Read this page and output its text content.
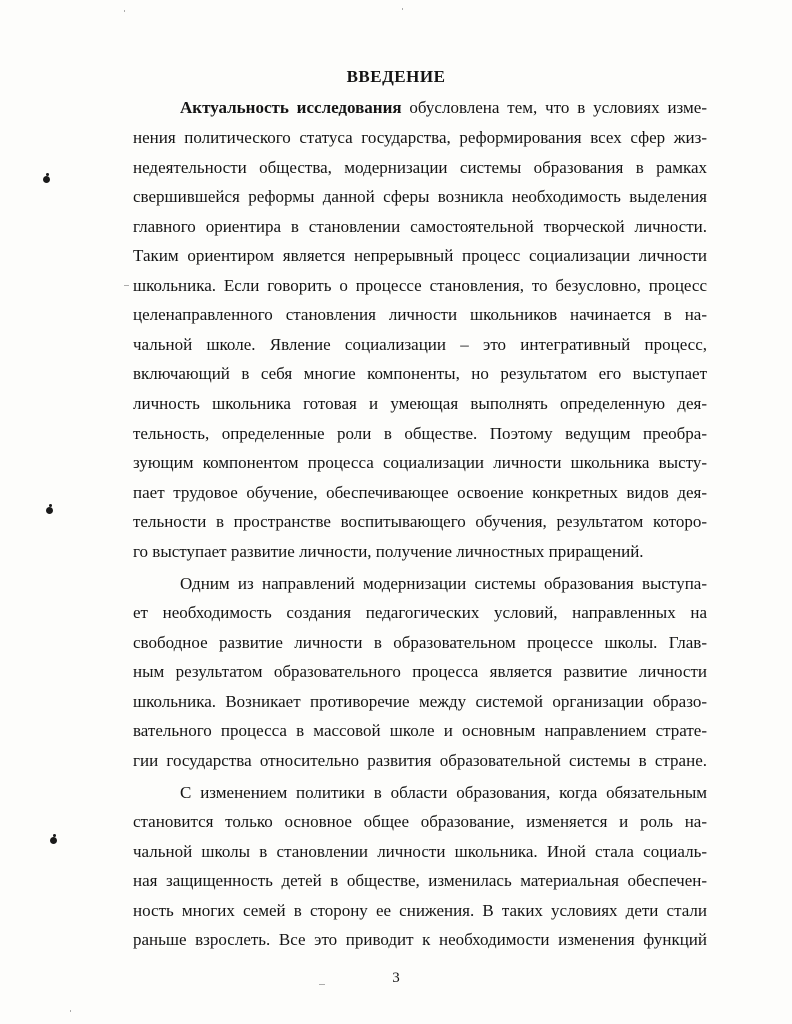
ВВЕДЕНИЕ
Актуальность исследования обусловлена тем, что в условиях изме-
нения политического статуса государства, реформирования всех сфер жиз-
недеятельности общества, модернизации системы образования в рамках
свершившейся реформы данной сферы возникла необходимость выделения
главного ориентира в становлении самостоятельной творческой личности.
Таким ориентиром является непрерывный процесс социализации личности
школьника. Если говорить о процессе становления, то безусловно, процесс
целенаправленного становления личности школьников начинается в на-
чальной школе. Явление социализации – это интегративный процесс,
включающий в себя многие компоненты, но результатом его выступает
личность школьника готовая и умеющая выполнять определенную дея-
тельность, определенные роли в обществе. Поэтому ведущим преобра-
зующим компонентом процесса социализации личности школьника высту-
пает трудовое обучение, обеспечивающее освоение конкретных видов дея-
тельности в пространстве воспитывающего обучения, результатом которо-
го выступает развитие личности, получение личностных приращений.
Одним из направлений модернизации системы образования выступа-
ет необходимость создания педагогических условий, направленных на
свободное развитие личности в образовательном процессе школы. Глав-
ным результатом образовательного процесса является развитие личности
школьника. Возникает противоречие между системой организации образо-
вательного процесса в массовой школе и основным направлением страте-
гии государства относительно развития образовательной системы в стране.
С изменением политики в области образования, когда обязательным
становится только основное общее образование, изменяется и роль на-
чальной школы в становлении личности школьника. Иной стала социаль-
ная защищенность детей в обществе, изменилась материальная обеспечен-
ность многих семей в сторону ее снижения. В таких условиях дети стали
раньше взрослеть. Все это приводит к необходимости изменения функций
3
